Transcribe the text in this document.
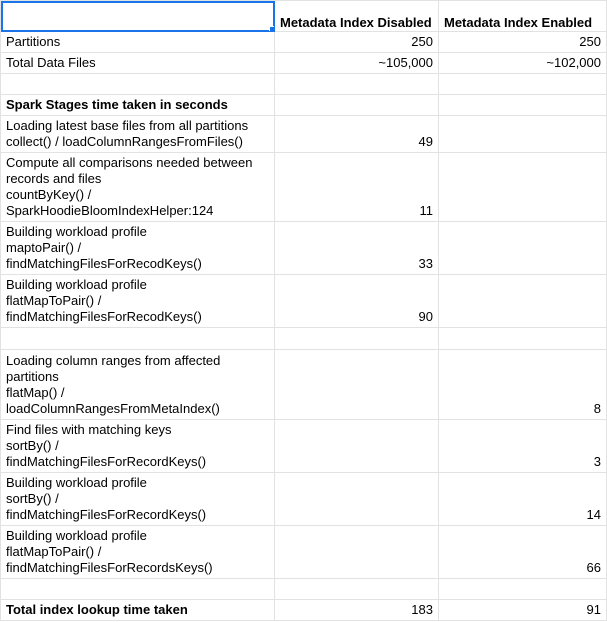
	Metadata Index Disabled	Metadata Index Enabled
Partitions	250	250
Total Data Files	~105,000	~102,000

Spark Stages time taken in seconds		
Loading latest base files from all partitions
collect() / loadColumnRangesFromFiles()	49	
Compute all comparisons needed between records and files
countByKey() /
SparkHoodieBloomIndexHelper:124	11	
Building workload profile
maptoPair() /
findMatchingFilesForRecodKeys()	33	
Building workload profile
flatMapToPair() /
findMatchingFilesForRecodKeys()	90	

Loading column ranges from affected partitions
flatMap() /
loadColumnRangesFromMetaIndex()		8
Find files with matching keys
sortBy() /
findMatchingFilesForRecordKeys()		3
Building workload profile
sortBy() /
findMatchingFilesForRecordKeys()		14
Building workload profile
flatMapToPair() /
findMatchingFilesForRecordsKeys()		66

Total index lookup time taken	183	91
